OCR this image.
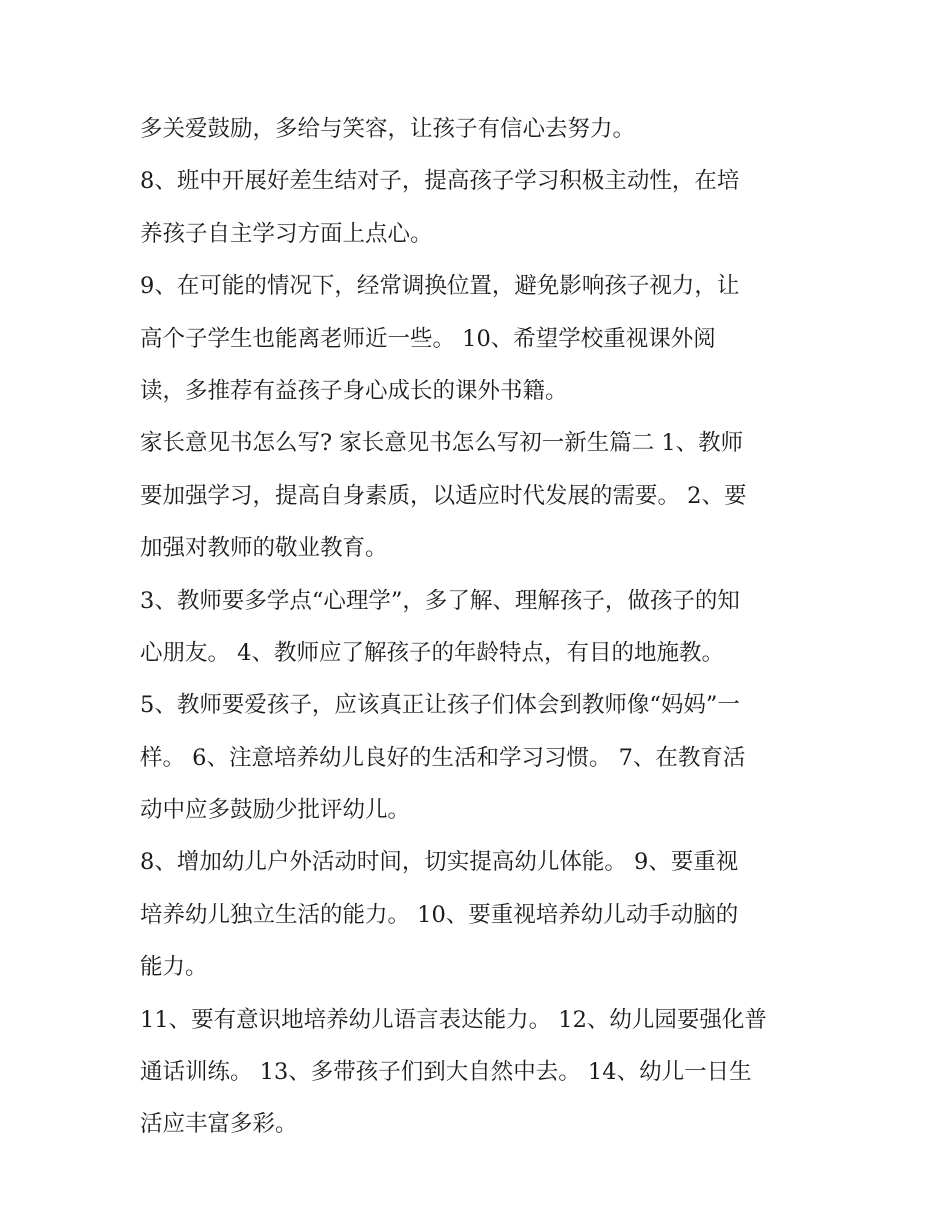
多关爱鼓励，多给与笑容，让孩子有信心去努力。
8、班中开展好差生结对子，提高孩子学习积极主动性，在培
养孩子自主学习方面上点心。
9、在可能的情况下，经常调换位置，避免影响孩子视力，让
高个子学生也能离老师近一些。 10、希望学校重视课外阅
读，多推荐有益孩子身心成长的课外书籍。
家长意见书怎么写? 家长意见书怎么写初一新生篇二 1、教师
要加强学习，提高自身素质，以适应时代发展的需要。 2、要
加强对教师的敬业教育。
3、教师要多学点“心理学”，多了解、理解孩子，做孩子的知
心朋友。 4、教师应了解孩子的年龄特点，有目的地施教。
5、教师要爱孩子，应该真正让孩子们体会到教师像“妈妈”一
样。 6、注意培养幼儿良好的生活和学习习惯。 7、在教育活
动中应多鼓励少批评幼儿。
8、增加幼儿户外活动时间，切实提高幼儿体能。 9、要重视
培养幼儿独立生活的能力。 10、要重视培养幼儿动手动脑的
能力。
11、要有意识地培养幼儿语言表达能力。 12、幼儿园要强化普
通话训练。 13、多带孩子们到大自然中去。 14、幼儿一日生
活应丰富多彩。
